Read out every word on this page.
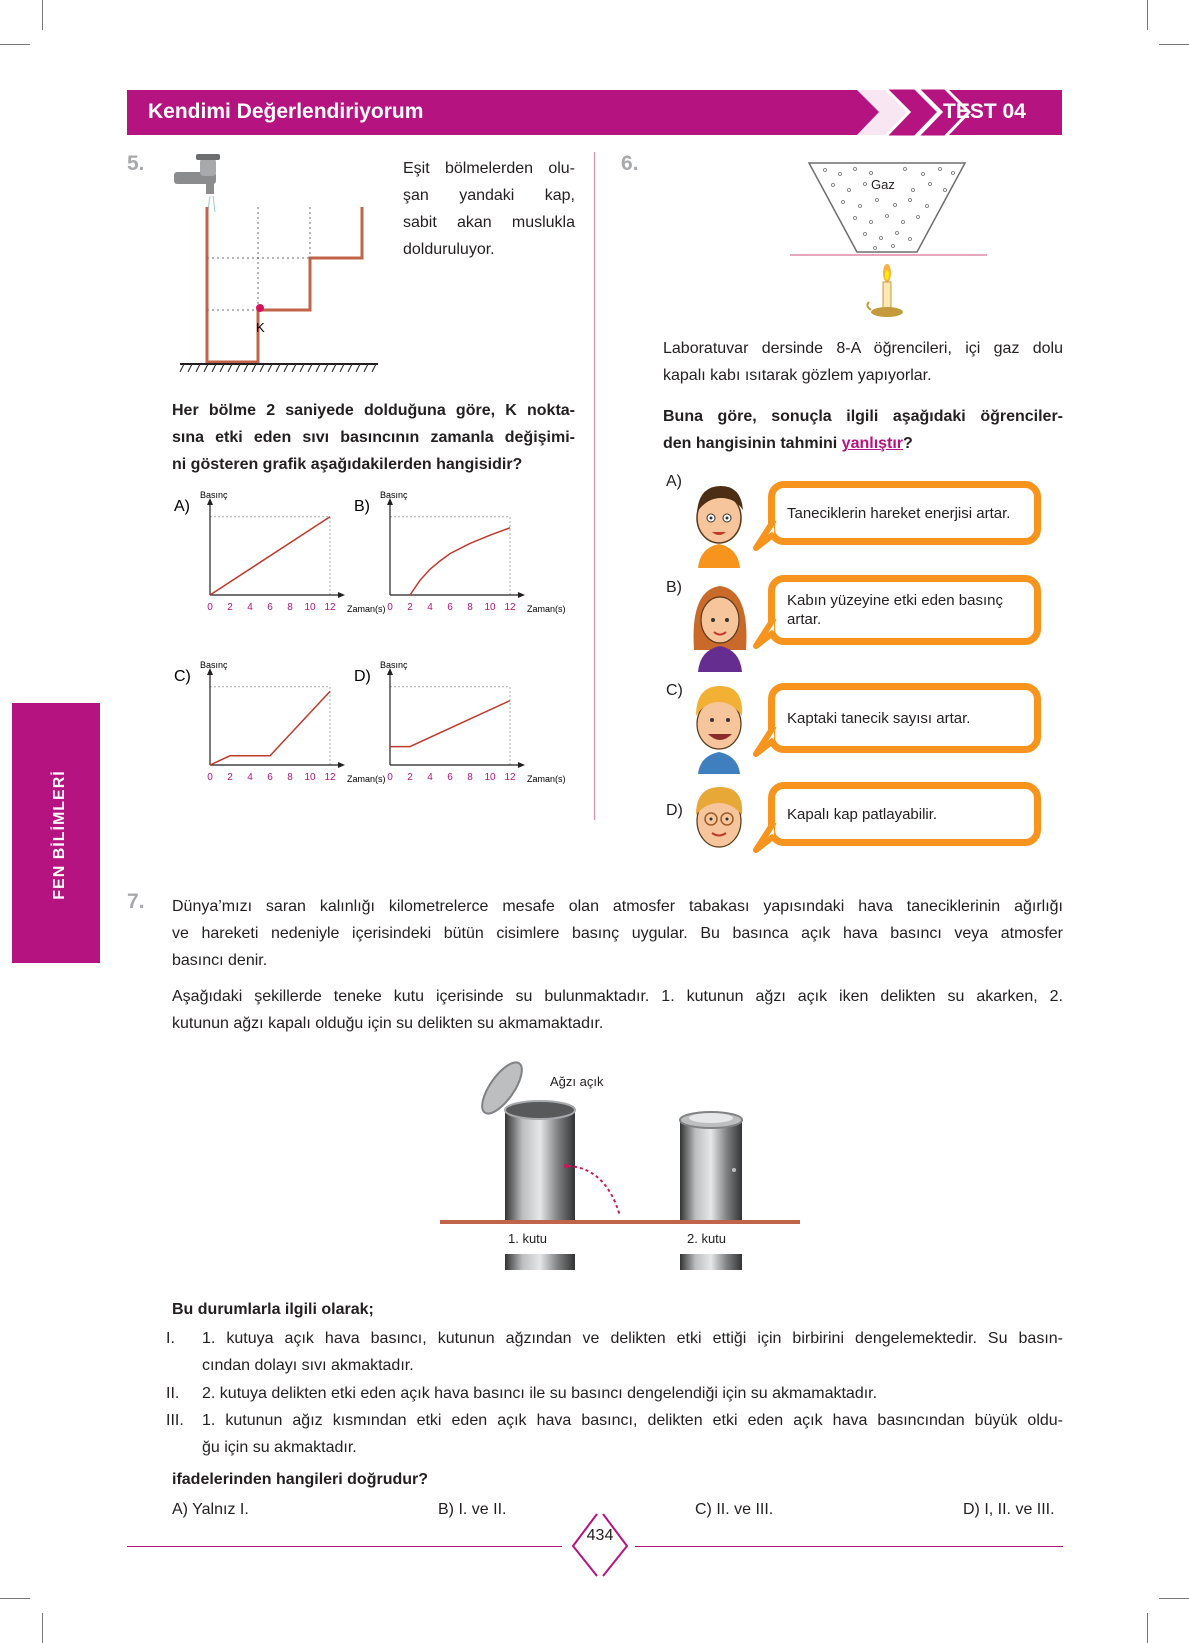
Kendimi Değerlendiriyorum	TEST 04
FEN BİLİMLERİ
5.
K
Eşit bölmelerden olu-
şan yandaki kap,
sabit akan muslukla
dolduruluyor.
Her bölme 2 saniyede dolduğuna göre, K nokta-
sına etki eden sıvı basıncının zamanla değişimi-
ni gösteren grafik aşağıdakilerden hangisidir?
0 2 4 6 8 10 12
Basınç
Zaman(s)
A)
0 2 4 6 8 10 12
Basınç
Zaman(s)
B)
0 2 4 6 8 10 12
Basınç
Zaman(s)
C)
0 2 4 6 8 10 12
Basınç
Zaman(s)
D)
6.
Gaz
Laboratuvar dersinde 8-A öğrencileri, içi gaz dolu
kapalı kabı ısıtarak gözlem yapıyorlar.
Buna göre, sonuçla ilgili aşağıdaki öğrenciler-
den hangisinin tahmini yanlıştır?
A)
B)
C)
D)
Taneciklerin hareket enerjisi artar.
Kabın yüzeyine etki eden basınç artar.
Kaptaki tanecik sayısı artar.
Kapalı kap patlayabilir.
7. Dünya’mızı saran kalınlığı kilometrelerce mesafe olan atmosfer tabakası yapısındaki hava taneciklerinin ağırlığı
ve hareketi nedeniyle içerisindeki bütün cisimlere basınç uygular. Bu basınca açık hava basıncı veya atmosfer
basıncı denir.
Aşağıdaki şekillerde teneke kutu içerisinde su bulunmaktadır. 1. kutunun ağzı açık iken delikten su akarken, 2.
kutunun ağzı kapalı olduğu için su delikten su akmamaktadır.
Ağzı açık
1. kutu	2. kutu
Bu durumlarla ilgili olarak;
I. 1. kutuya açık hava basıncı, kutunun ağzından ve delikten etki ettiği için birbirini dengelemektedir. Su basın-
cından dolayı sıvı akmaktadır.
II. 2. kutuya delikten etki eden açık hava basıncı ile su basıncı dengelendiği için su akmamaktadır.
III. 1. kutunun ağız kısmından etki eden açık hava basıncı, delikten etki eden açık hava basıncından büyük oldu-
ğu için su akmaktadır.
ifadelerinden hangileri doğrudur?
A) Yalnız I.	B) I. ve II.	C) II. ve III.	D) I, II. ve III.
434
